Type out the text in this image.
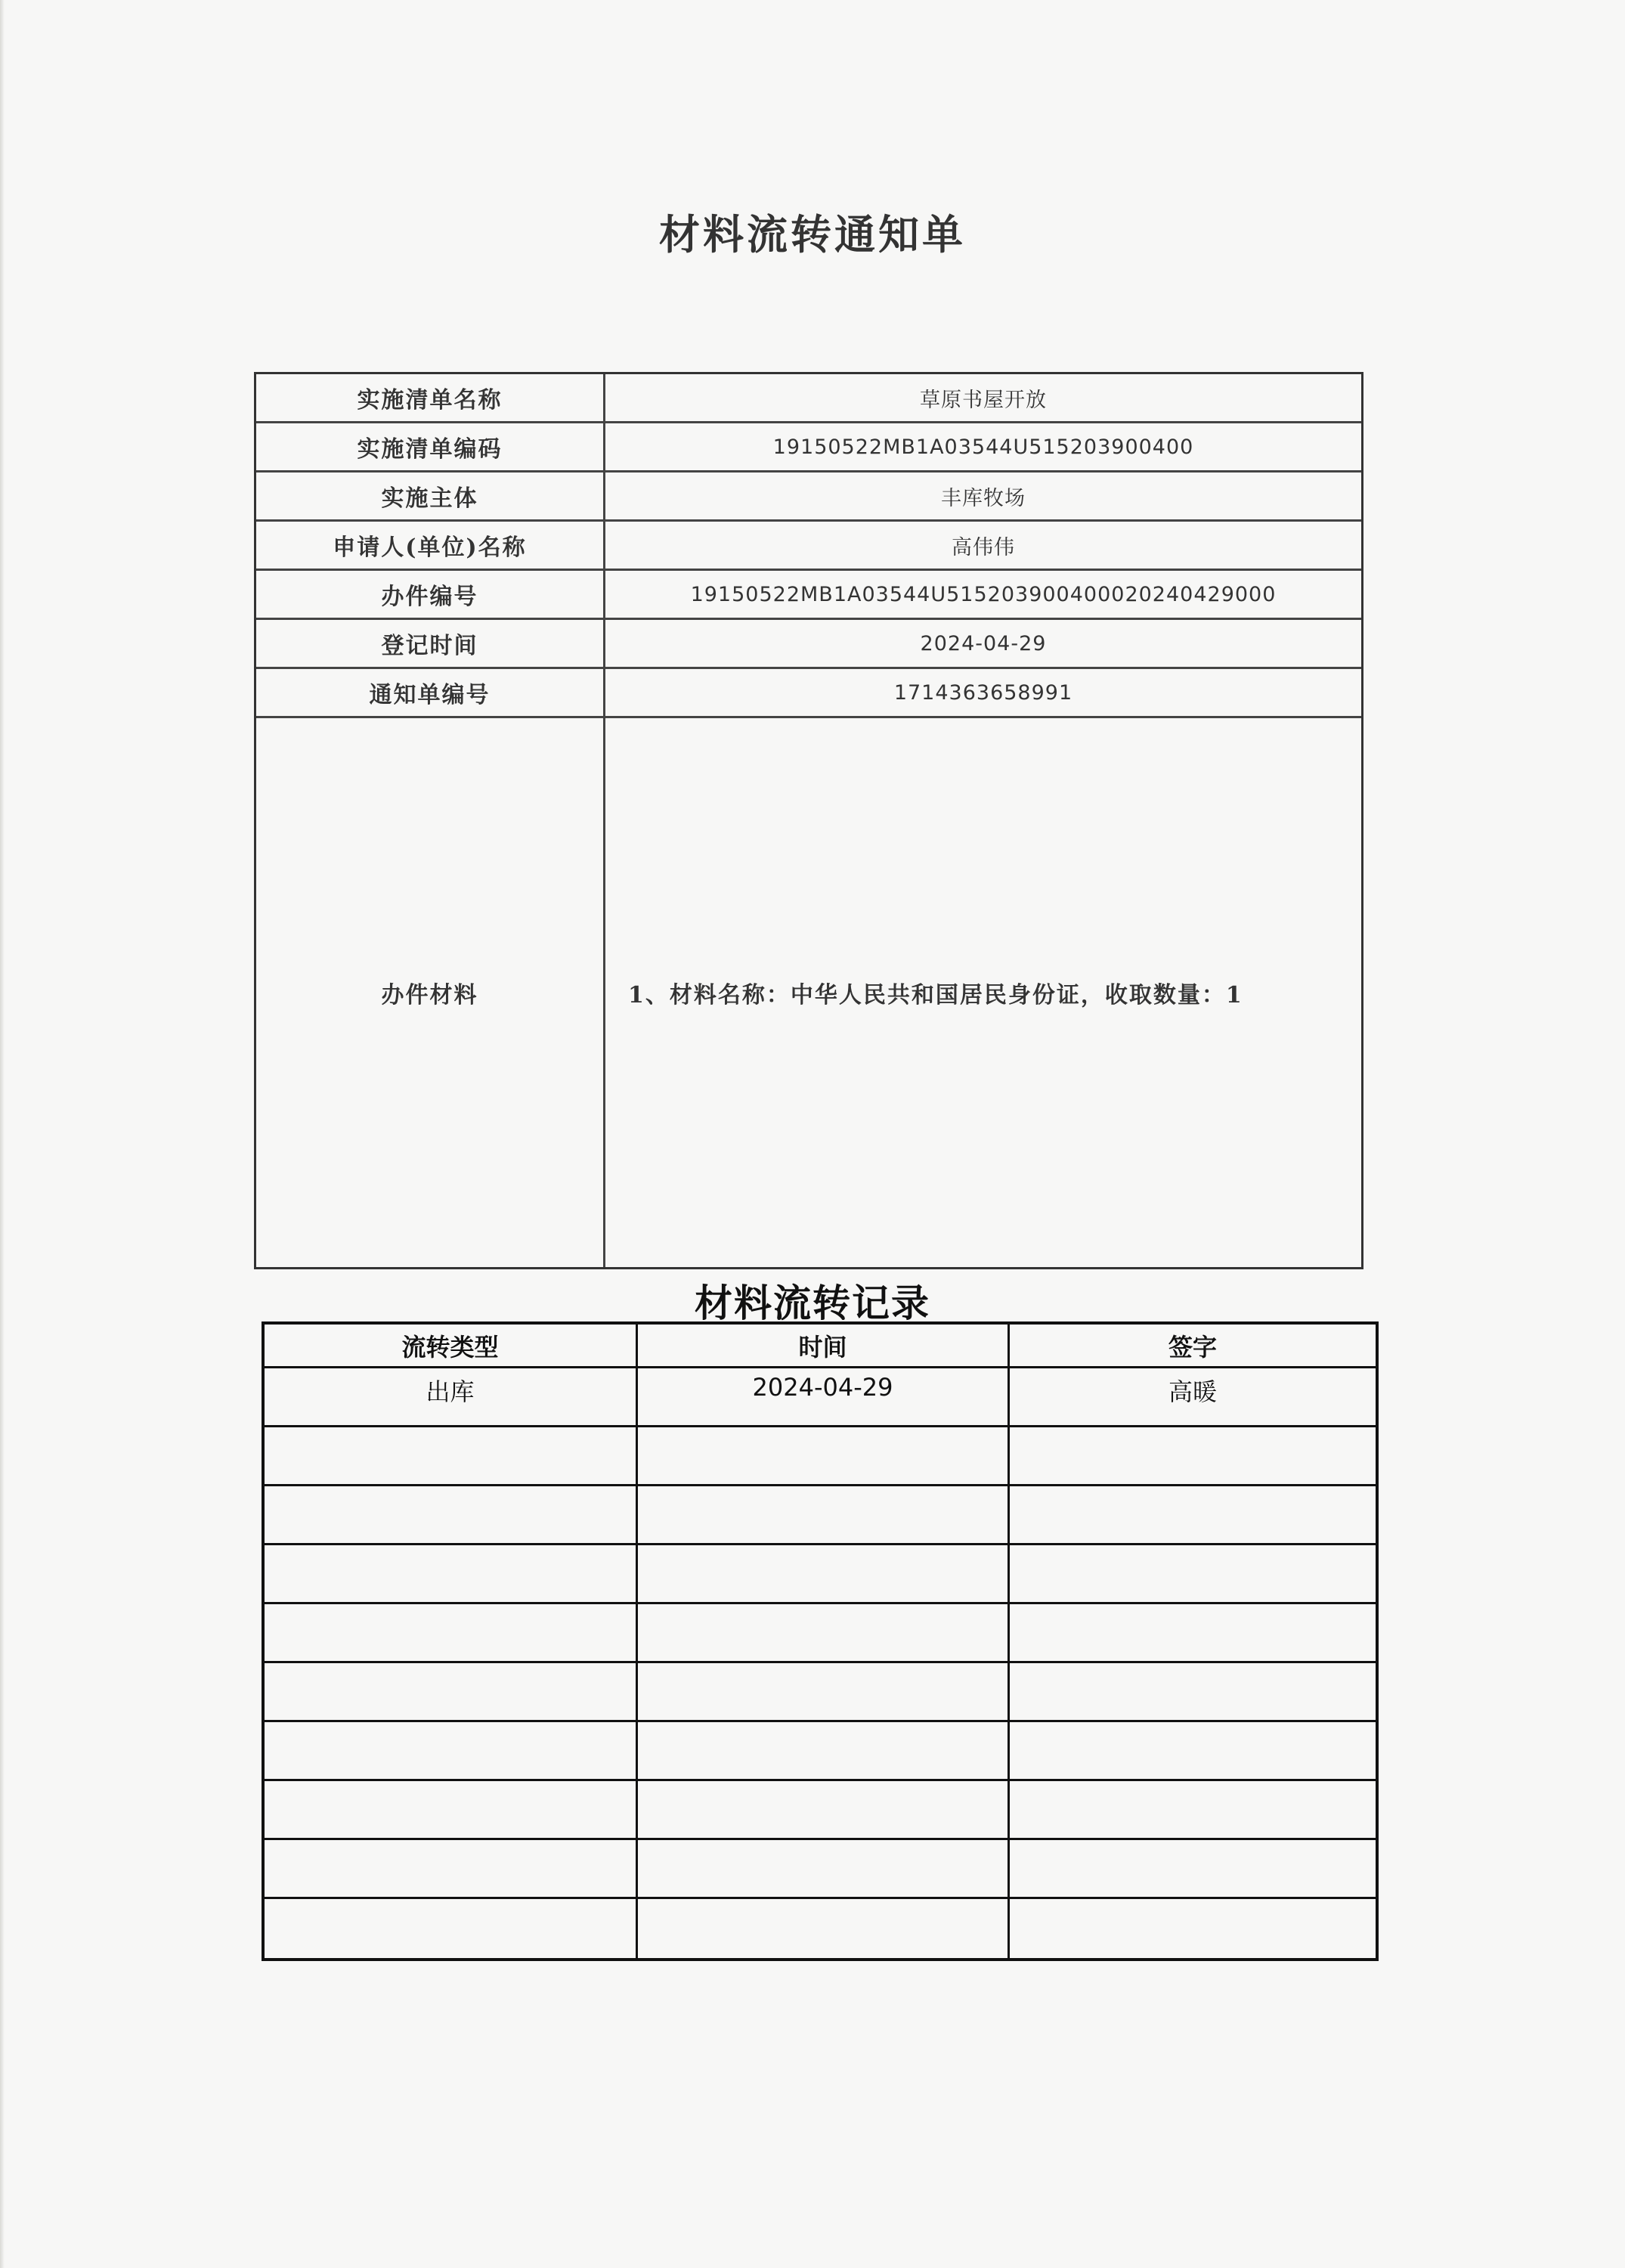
材料流转通知单
实施清单名称	草原书屋开放
实施清单编码	19150522MB1A03544U515203900400
实施主体	丰库牧场
申请人(单位)名称	高伟伟
办件编号	19150522MB1A03544U515203900400020240429000
登记时间	2024-04-29
通知单编号	1714363658991
办件材料	1、材料名称：中华人民共和国居民身份证，收取数量：1
材料流转记录
流转类型	时间	签字
出库	2024-04-29	高暖
